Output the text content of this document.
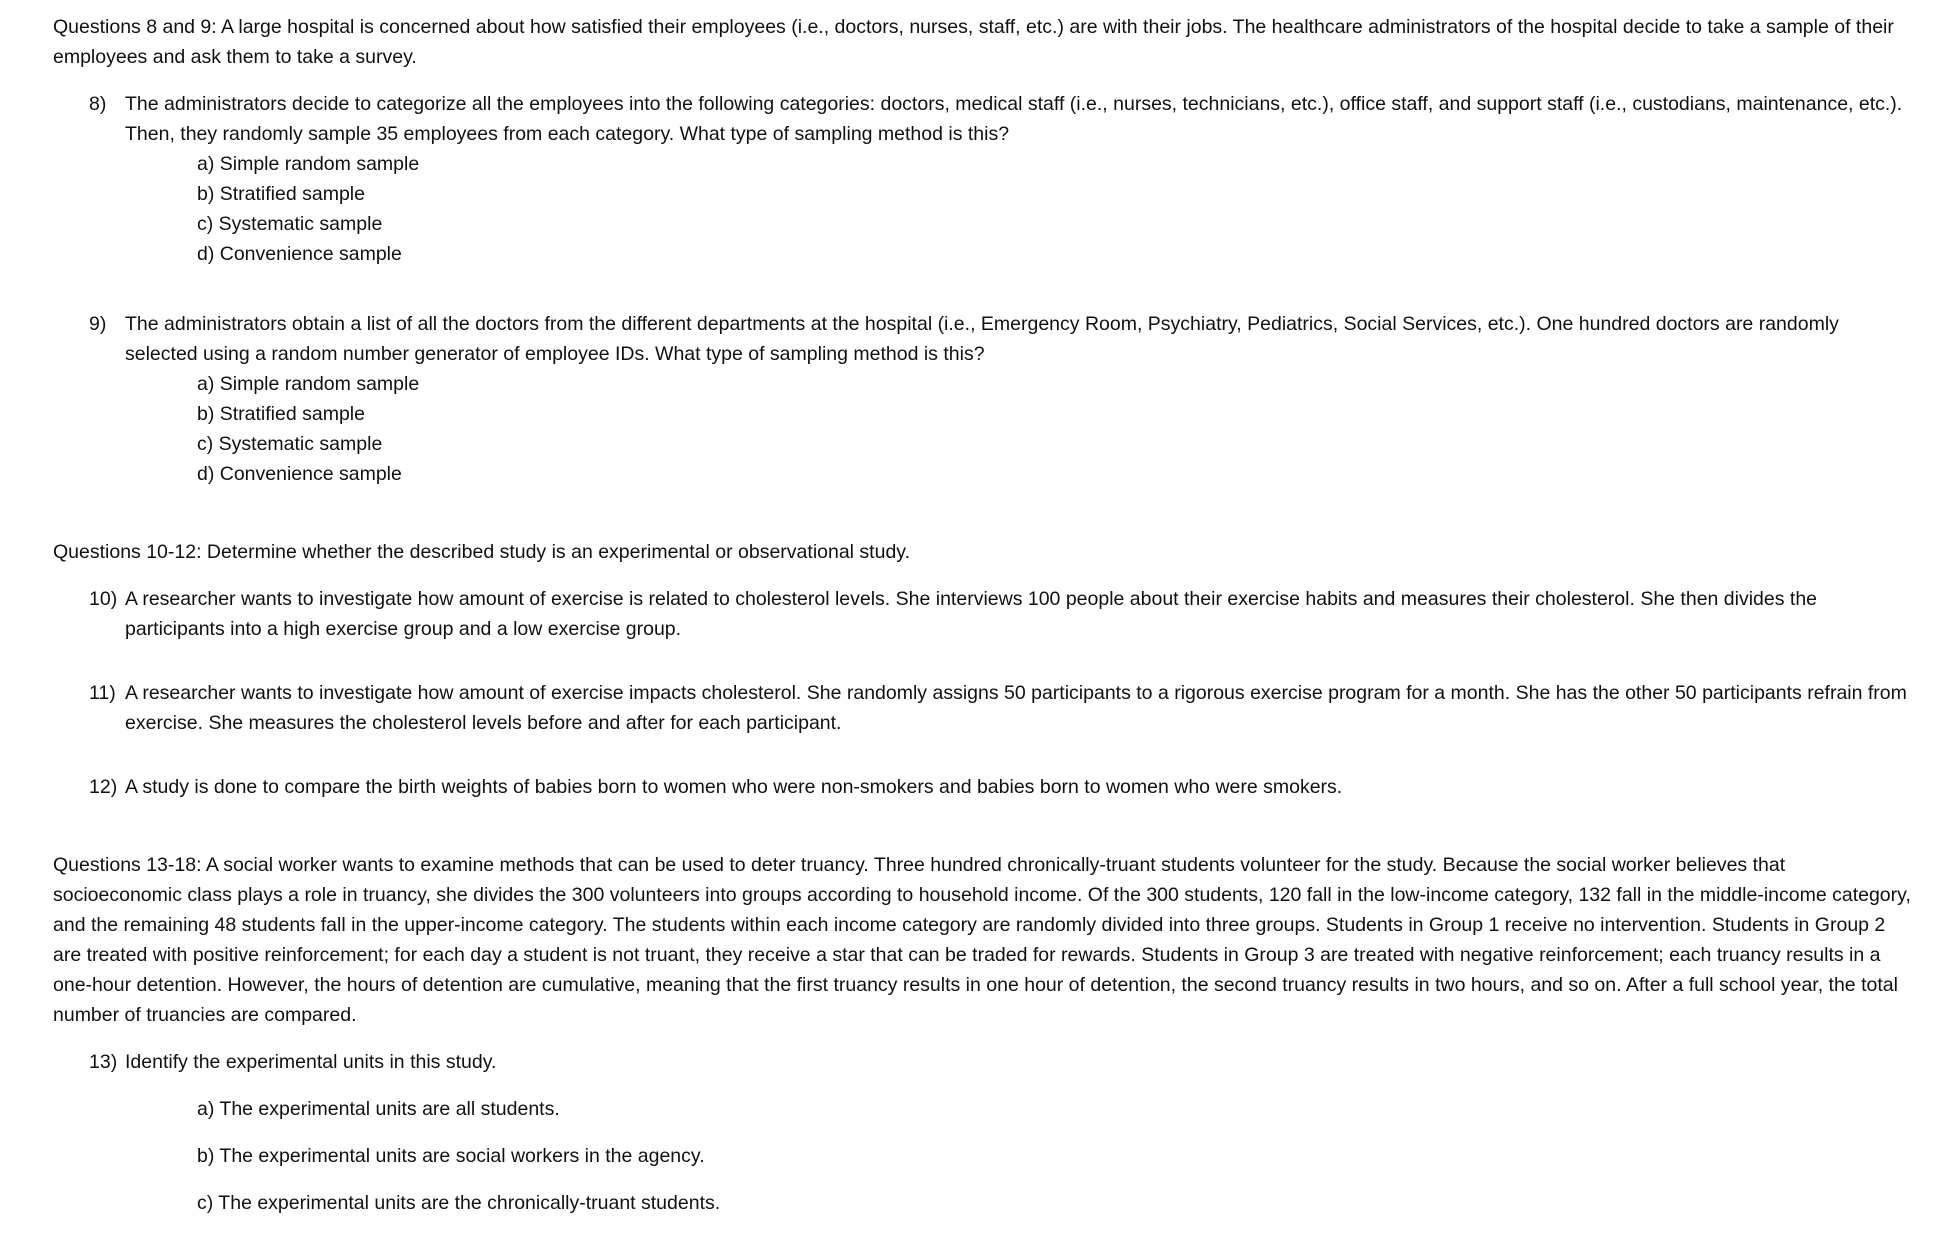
Questions 8 and 9: A large hospital is concerned about how satisfied their employees (i.e., doctors, nurses, staff, etc.) are with their jobs. The healthcare administrators of the hospital decide to take a sample of their employees and ask them to take a survey.

8) The administrators decide to categorize all the employees into the following categories: doctors, medical staff (i.e., nurses, technicians, etc.), office staff, and support staff (i.e., custodians, maintenance, etc.). Then, they randomly sample 35 employees from each category. What type of sampling method is this?
a) Simple random sample
b) Stratified sample
c) Systematic sample
d) Convenience sample
9) The administrators obtain a list of all the doctors from the different departments at the hospital (i.e., Emergency Room, Psychiatry, Pediatrics, Social Services, etc.). One hundred doctors are randomly selected using a random number generator of employee IDs. What type of sampling method is this?
a) Simple random sample
b) Stratified sample
c) Systematic sample
d) Convenience sample

Questions 10-12: Determine whether the described study is an experimental or observational study.

10) A researcher wants to investigate how amount of exercise is related to cholesterol levels. She interviews 100 people about their exercise habits and measures their cholesterol. She then divides the participants into a high exercise group and a low exercise group.
11) A researcher wants to investigate how amount of exercise impacts cholesterol. She randomly assigns 50 participants to a rigorous exercise program for a month. She has the other 50 participants refrain from exercise. She measures the cholesterol levels before and after for each participant.
12) A study is done to compare the birth weights of babies born to women who were non-smokers and babies born to women who were smokers.

Questions 13-18: A social worker wants to examine methods that can be used to deter truancy. Three hundred chronically-truant students volunteer for the study. Because the social worker believes that socioeconomic class plays a role in truancy, she divides the 300 volunteers into groups according to household income. Of the 300 students, 120 fall in the low-income category, 132 fall in the middle-income category, and the remaining 48 students fall in the upper-income category. The students within each income category are randomly divided into three groups. Students in Group 1 receive no intervention. Students in Group 2 are treated with positive reinforcement; for each day a student is not truant, they receive a star that can be traded for rewards. Students in Group 3 are treated with negative reinforcement; each truancy results in a one-hour detention. However, the hours of detention are cumulative, meaning that the first truancy results in one hour of detention, the second truancy results in two hours, and so on. After a full school year, the total number of truancies are compared.

13) Identify the experimental units in this study.
a) The experimental units are all students.
b) The experimental units are social workers in the agency.
c) The experimental units are the chronically-truant students.
